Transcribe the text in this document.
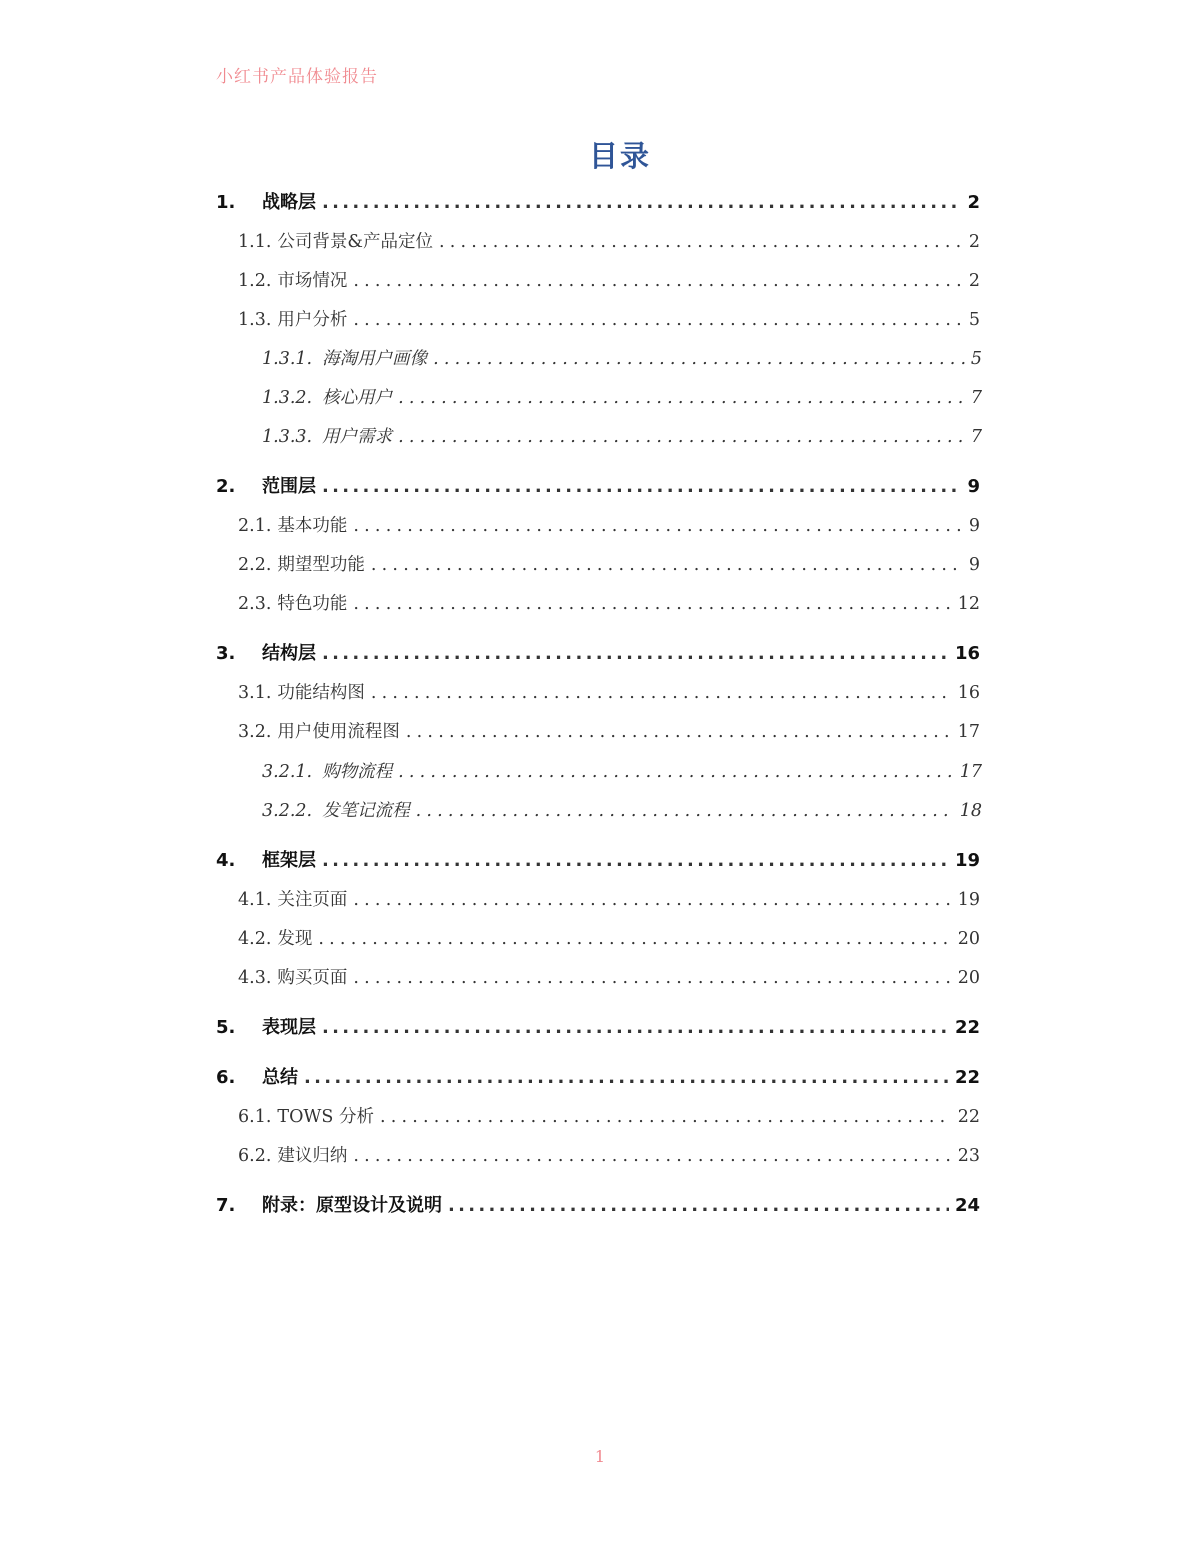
小红书产品体验报告
目录
1.	战略层 .....	2
1.1. 公司背景&产品定位 .....	2
1.2. 市场情况 .....	2
1.3. 用户分析 .....	5
1.3.1. 海淘用户画像 .....	5
1.3.2. 核心用户 .....	7
1.3.3. 用户需求 .....	7
2.	范围层 .....	9
2.1. 基本功能 .....	9
2.2. 期望型功能 .....	9
2.3. 特色功能 .....	12
3.	结构层 .....	16
3.1. 功能结构图 .....	16
3.2. 用户使用流程图 .....	17
3.2.1. 购物流程 .....	17
3.2.2. 发笔记流程 .....	18
4.	框架层 .....	19
4.1. 关注页面 .....	19
4.2. 发现 .....	20
4.3. 购买页面 .....	20
5.	表现层 .....	22
6.	总结 .....	22
6.1. TOWS 分析 .....	22
6.2. 建议归纳 .....	23
7.	附录：原型设计及说明 .....	24
1
